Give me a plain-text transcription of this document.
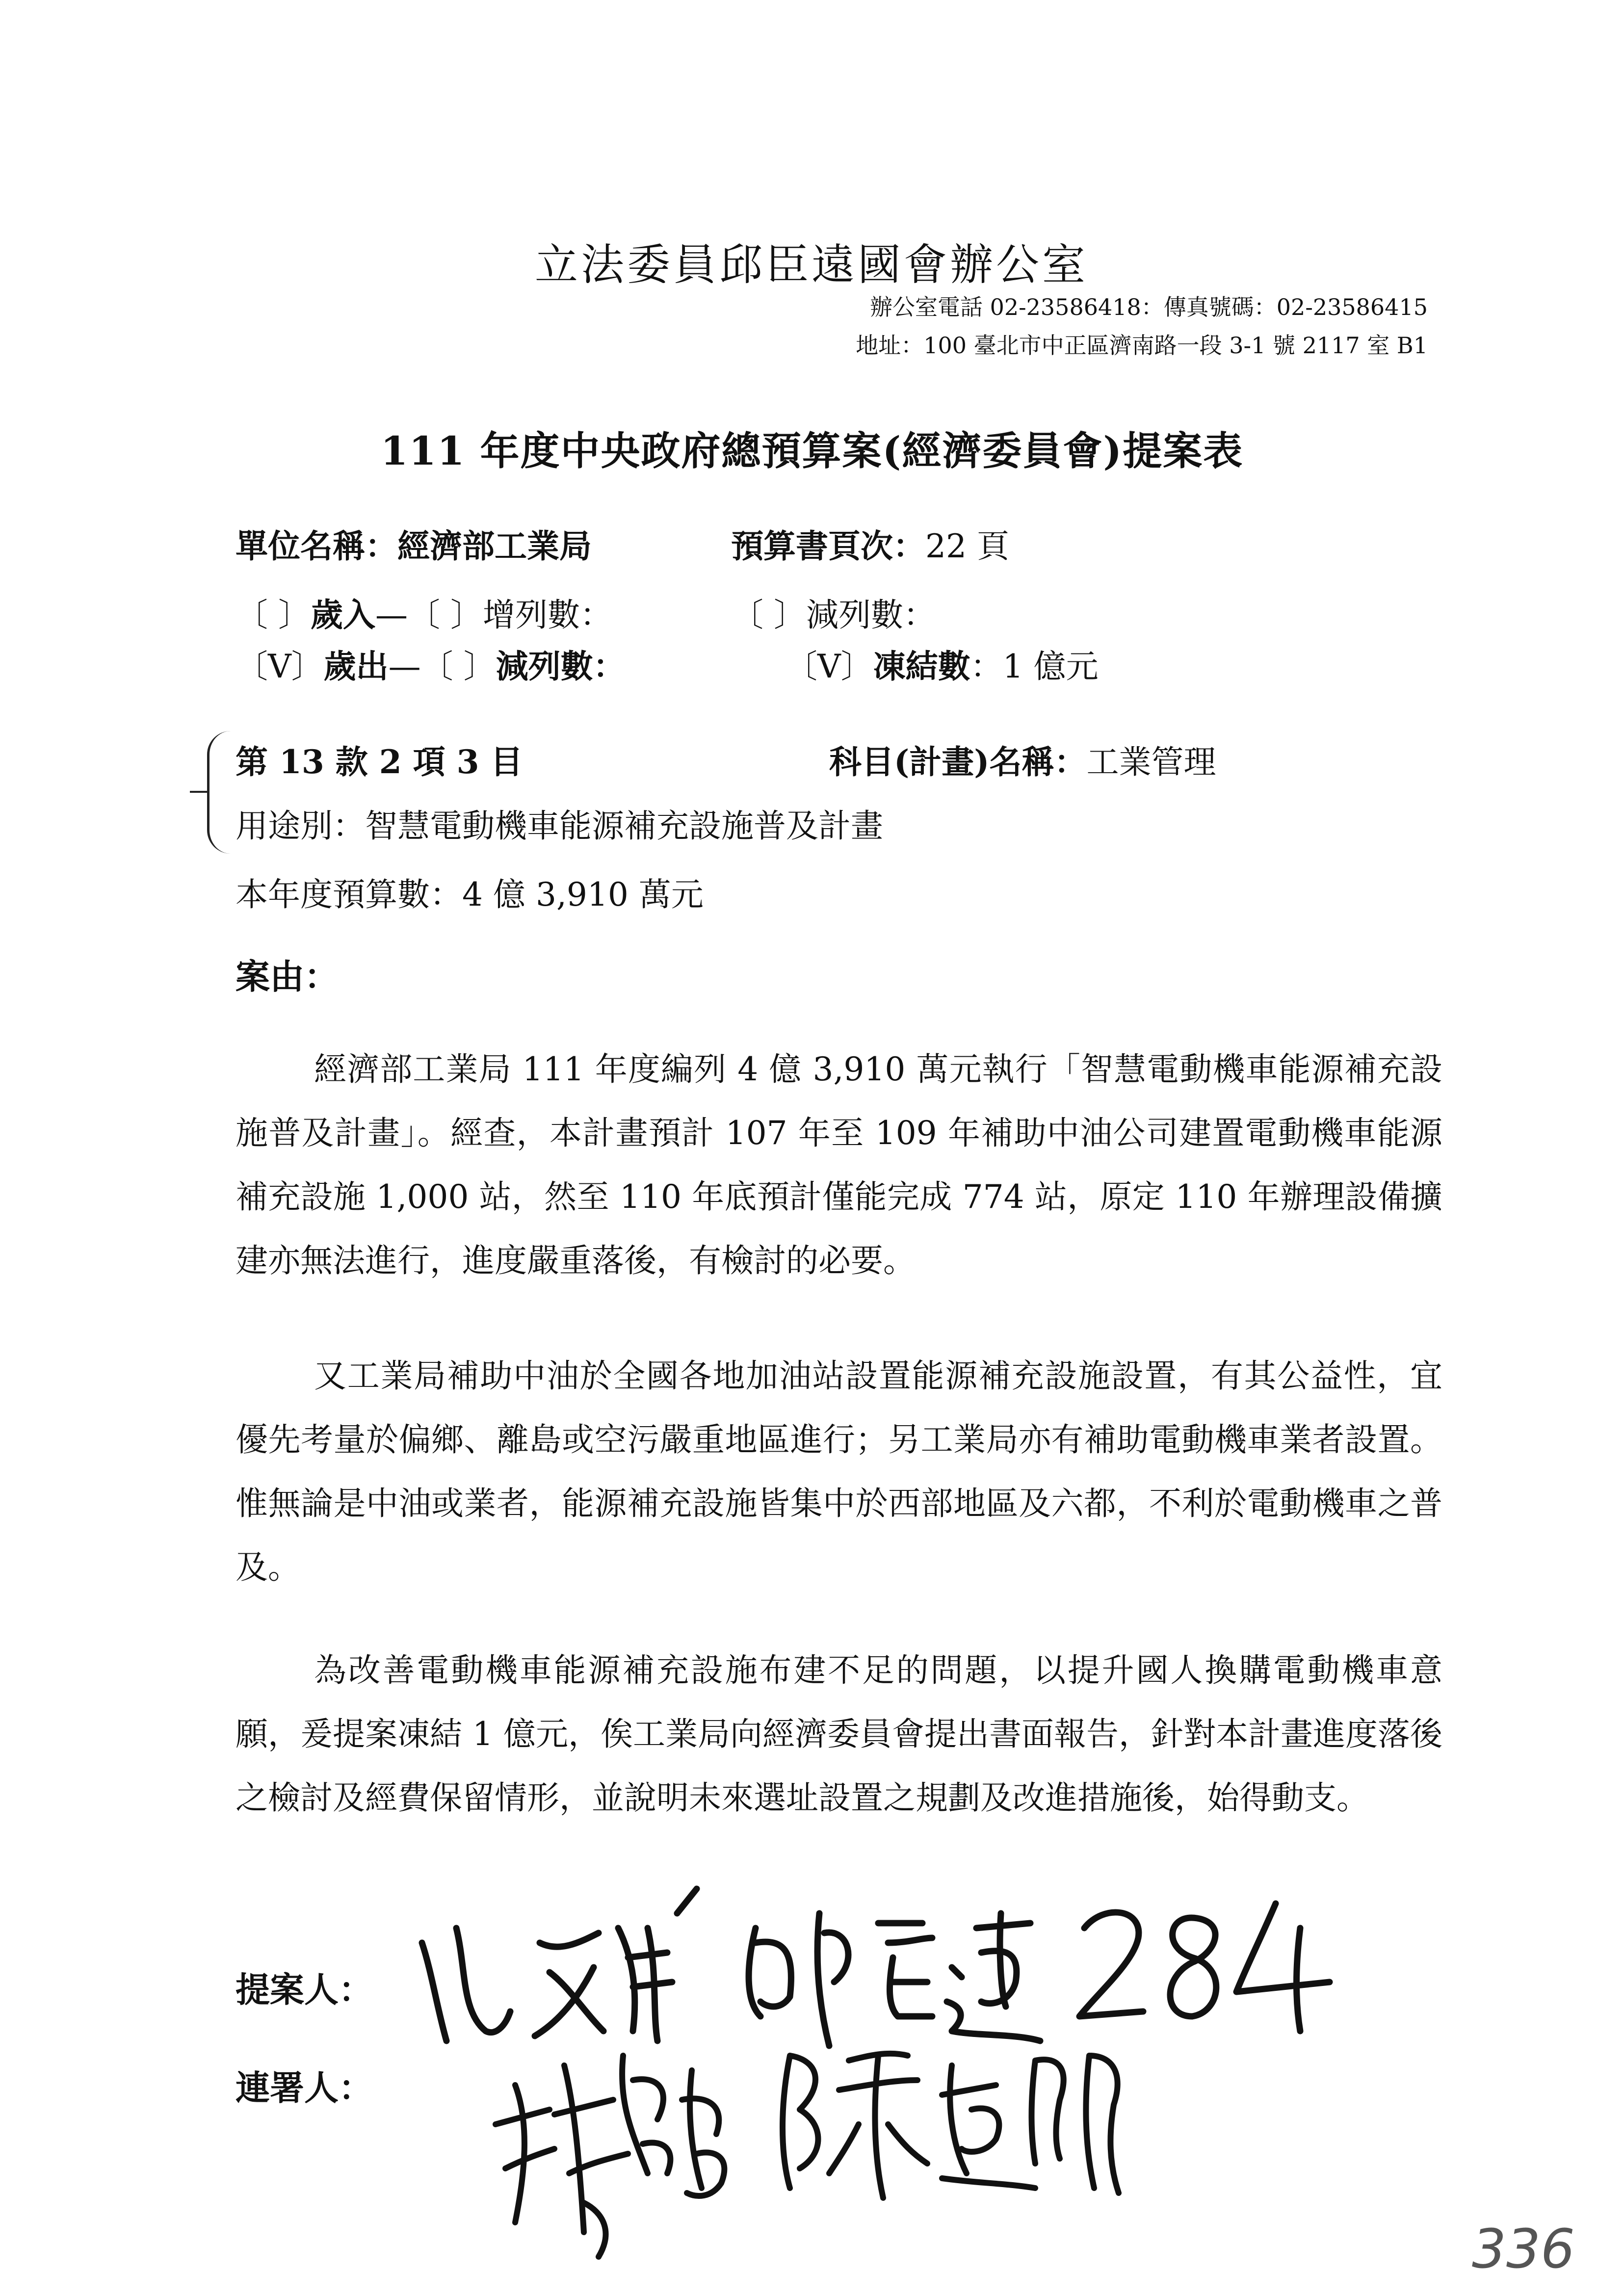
立法委員邱臣遠國會辦公室
辦公室電話 02-23586418：傳真號碼：02-23586415
地址：100 臺北市中正區濟南路一段 3-1 號 2117 室 B1
111 年度中央政府總預算案(經濟委員會)提案表
單位名稱：經濟部工業局	預算書頁次：22 頁
〔 〕歲入—〔 〕增列數：	〔 〕減列數：
〔V〕歲出—〔 〕減列數：	〔V〕凍結數：1 億元
第 13 款 2 項 3 目	科目(計畫)名稱：工業管理
用途別：智慧電動機車能源補充設施普及計畫
本年度預算數：4 億 3,910 萬元
案由：
經濟部工業局 111 年度編列 4 億 3,910 萬元執行「智慧電動機車能源補充設施普及計畫」。經查，本計畫預計 107 年至 109 年補助中油公司建置電動機車能源補充設施 1,000 站，然至 110 年底預計僅能完成 774 站，原定 110 年辦理設備擴建亦無法進行，進度嚴重落後，有檢討的必要。
又工業局補助中油於全國各地加油站設置能源補充設施設置，有其公益性，宜優先考量於偏鄉、離島或空污嚴重地區進行；另工業局亦有補助電動機車業者設置。惟無論是中油或業者，能源補充設施皆集中於西部地區及六都，不利於電動機車之普及。
為改善電動機車能源補充設施布建不足的問題，以提升國人換購電動機車意願，爰提案凍結 1 億元，俟工業局向經濟委員會提出書面報告，針對本計畫進度落後之檢討及經費保留情形，並說明未來選址設置之規劃及改進措施後，始得動支。
提案人：
連署人：
336
